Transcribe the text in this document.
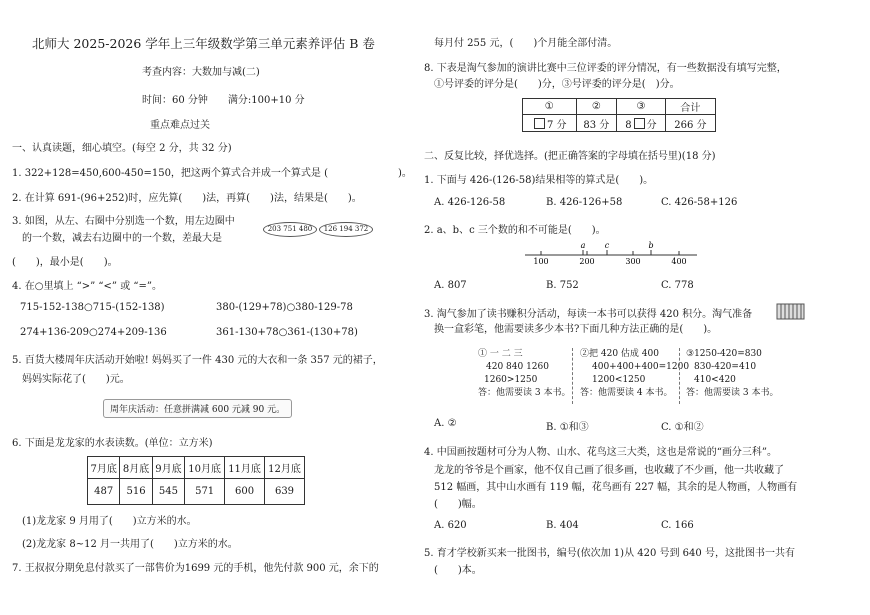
北师大 2025-2026 学年上三年级数学第三单元素养评估 B 卷
考查内容：大数加与减(二)
时间：60 分钟　　满分:100+10 分
重点难点过关
一、认真读题，细心填空。(每空 2 分，共 32 分)
1. 322+128=450,600-450=150，把这两个算式合并成一个算式是 (　　　　　　　)。
2. 在计算 691-(96+252)时，应先算(　　)法，再算(　　)法，结果是(　　)。
3. 如图，从左、右圈中分别选一个数，用左边圈中
的一个数，减去右边圈中的一个数，差最大是
203 751 480	126 194 372
(　　)，最小是(　　)。
4. 在○里填上 “>” “<” 或 “=”。
715-152-138○715-(152-138)	380-(129+78)○380-129-78
274+136-209○274+209-136	361-130+78○361-(130+78)
5. 百货大楼周年庆活动开始啦! 妈妈买了一件 430 元的大衣和一条 357 元的裙子，
妈妈实际花了(　　)元。
周年庆活动：任意拼满减 600 元减 90 元。
6. 下面是龙龙家的水表读数。(单位：立方米)
7月底	8月底	9月底	10月底	11月底	12月底
487	516	545	571	600	639
(1)龙龙家 9 月用了(　　)立方米的水。
(2)龙龙家 8~12 月一共用了(　　)立方米的水。
7. 王叔叔分期免息付款买了一部售价为1699 元的手机，他先付款 900 元，余下的
每月付 255 元，(　　)个月能全部付清。
8. 下表是淘气参加的演讲比赛中三位评委的评分情况，有一些数据没有填写完整，
①号评委的评分是(　　)分，③号评委的评分是(　)分。
①	②	③	合计
7 分	83 分	8 分	266 分
二、反复比较，择优选择。(把正确答案的字母填在括号里)(18 分)
1. 下面与 426-(126-58)结果相等的算式是(　　)。
A. 426-126-58	B. 426-126+58	C. 426-58+126
2. a、b、c 三个数的和不可能是(　　)。
100	200	300	400
a c	b
A. 807	B. 752	C. 778
3. 淘气参加了读书赚积分活动，每读一本书可以获得 420 积分。淘气准备
换一盒彩笔，他需要读多少本书?下面几种方法正确的是(　　)。
① 一 二 三
420 840 1260
1260>1250
答：他需要读 3 本书。
②把 420 估成 400
400+400+400=1200
1200<1250
答：他需要读 4 本书。
③1250-420=830
830-420=410
410<420
答：他需要读 3 本书。
A. ②	B. ①和③	C. ①和②
4. 中国画按题材可分为人物、山水、花鸟这三大类，这也是常说的“画分三科”。
龙龙的爷爷是个画家，他不仅自己画了很多画，也收藏了不少画，他一共收藏了
512 幅画，其中山水画有 119 幅，花鸟画有 227 幅，其余的是人物画，人物画有
(　　)幅。
A. 620	B. 404	C. 166
5. 育才学校新买来一批图书，编号(依次加 1)从 420 号到 640 号，这批图书一共有
(　　)本。
